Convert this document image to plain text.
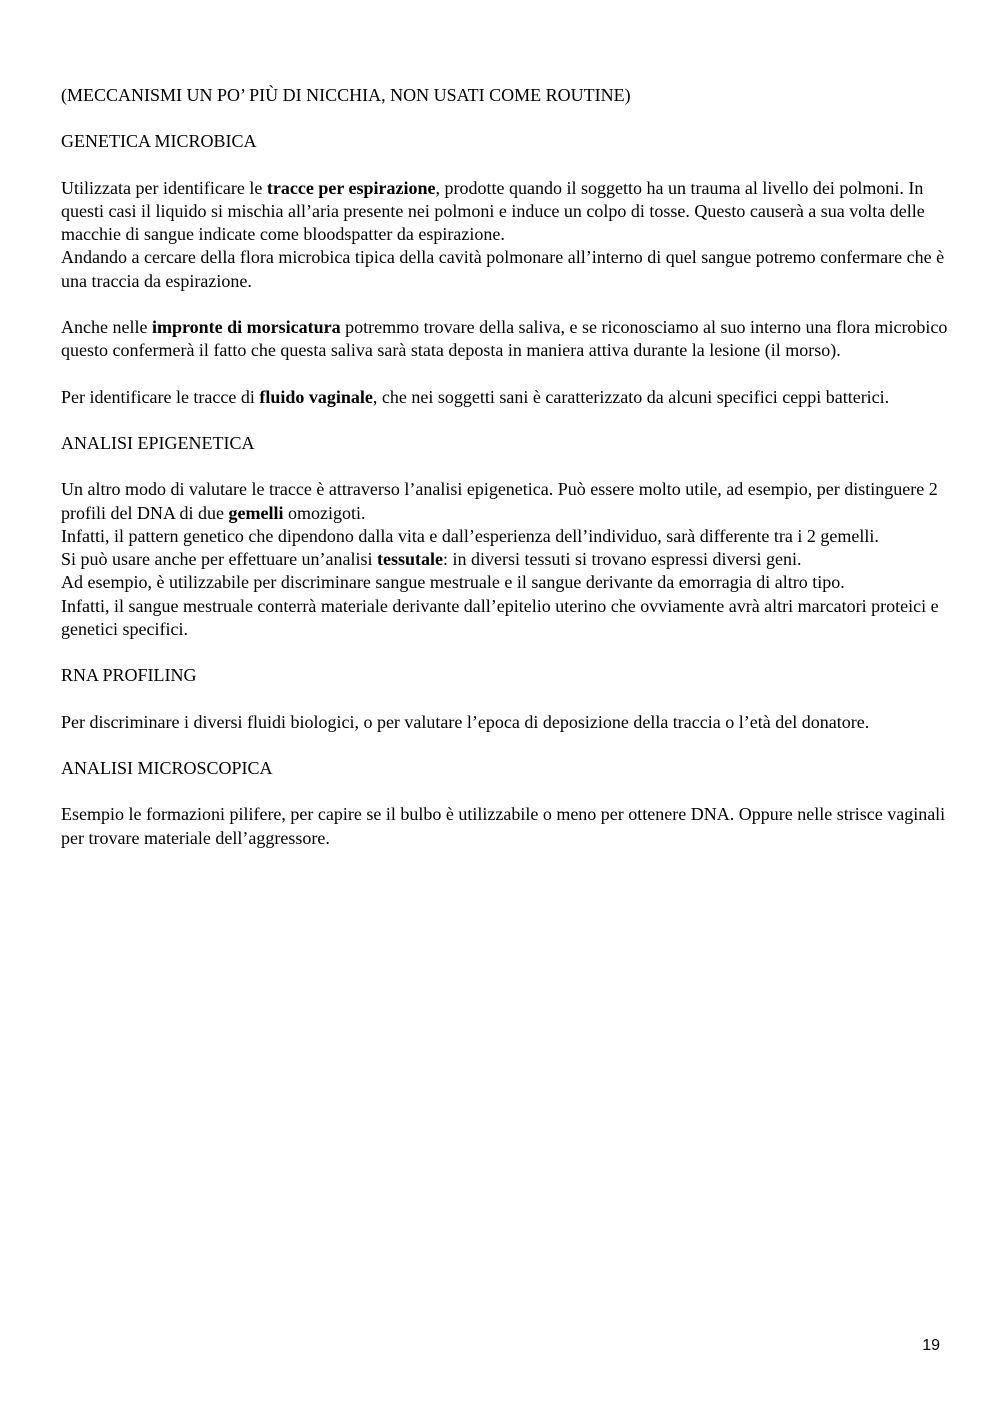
(MECCANISMI UN PO’ PIÙ DI NICCHIA, NON USATI COME ROUTINE)

GENETICA MICROBICA

Utilizzata per identificare le tracce per espirazione, prodotte quando il soggetto ha un trauma al livello dei polmoni. In questi casi il liquido si mischia all’aria presente nei polmoni e induce un colpo di tosse. Questo causerà a sua volta delle macchie di sangue indicate come bloodspatter da espirazione.

Andando a cercare della flora microbica tipica della cavità polmonare all’interno di quel sangue potremo confermare che è una traccia da espirazione.

Anche nelle impronte di morsicatura potremmo trovare della saliva, e se riconosciamo al suo interno una flora microbico questo confermerà il fatto che questa saliva sarà stata deposta in maniera attiva durante la lesione (il morso).

Per identificare le tracce di fluido vaginale, che nei soggetti sani è caratterizzato da alcuni specifici ceppi batterici.

ANALISI EPIGENETICA

Un altro modo di valutare le tracce è attraverso l’analisi epigenetica. Può essere molto utile, ad esempio, per distinguere 2 profili del DNA di due gemelli omozigoti.

Infatti, il pattern genetico che dipendono dalla vita e dall’esperienza dell’individuo, sarà differente tra i 2 gemelli.

Si può usare anche per effettuare un’analisi tessutale: in diversi tessuti si trovano espressi diversi geni.

Ad esempio, è utilizzabile per discriminare sangue mestruale e il sangue derivante da emorragia di altro tipo.

Infatti, il sangue mestruale conterrà materiale derivante dall’epitelio uterino che ovviamente avrà altri marcatori proteici e genetici specifici.

RNA PROFILING

Per discriminare i diversi fluidi biologici, o per valutare l’epoca di deposizione della traccia o l’età del donatore.

ANALISI MICROSCOPICA

Esempio le formazioni pilifere, per capire se il bulbo è utilizzabile o meno per ottenere DNA. Oppure nelle strisce vaginali per trovare materiale dell’aggressore.

19
